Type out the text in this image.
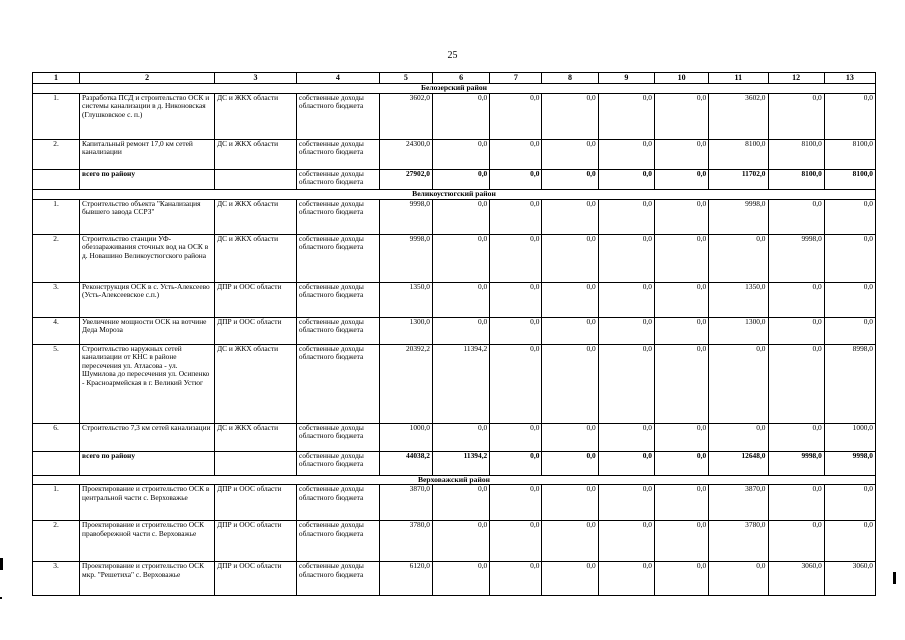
25
1	2	3	4	5	6	7	8	9	10	11	12	13
Белозерский район												
1.	Разработка ПСД и строительство ОСК и системы канализации в д. Никоновская (Глушковское с. п.)	ДС и ЖКХ области	собственные доходы областного бюджета	3602,0	0,0	0,0	0,0	0,0	0,0	3602,0	0,0	0,0
2.	Капитальный ремонт 17,0 км сетей канализации	ДС и ЖКХ области	собственные доходы областного бюджета	24300,0	0,0	0,0	0,0	0,0	0,0	8100,0	8100,0	8100,0
	всего по району		собственные доходы областного бюджета	27902,0	0,0	0,0	0,0	0,0	0,0	11702,0	8100,0	8100,0
Великоустюгский район												
1.	Строительство объекта "Канализация бывшего завода ССРЗ"	ДС и ЖКХ области	собственные доходы областного бюджета	9998,0	0,0	0,0	0,0	0,0	0,0	9998,0	0,0	0,0
2.	Строительство станции УФ-обеззараживания сточных вод на ОСК в д. Новашино Великоустюгского района	ДС и ЖКХ области	собственные доходы областного бюджета	9998,0	0,0	0,0	0,0	0,0	0,0	0,0	9998,0	0,0
3.	Реконструкция ОСК в с. Усть-Алексеево (Усть-Алексеевское с.п.)	ДПР и ООС области	собственные доходы областного бюджета	1350,0	0,0	0,0	0,0	0,0	0,0	1350,0	0,0	0,0
4.	Увеличение мощности ОСК на вотчине Деда Мороза	ДПР и ООС области	собственные доходы областного бюджета	1300,0	0,0	0,0	0,0	0,0	0,0	1300,0	0,0	0,0
5.	Строительство наружных сетей канализации от КНС в районе пересечения ул. Атласова - ул. Шумилова до пересечения ул. Осипенко - Красноармейская в г. Великий Устюг	ДС и ЖКХ области	собственные доходы областного бюджета	20392,2	11394,2	0,0	0,0	0,0	0,0	0,0	0,0	8998,0
6.	Строительство 7,3 км сетей канализации	ДС и ЖКХ области	собственные доходы областного бюджета	1000,0	0,0	0,0	0,0	0,0	0,0	0,0	0,0	1000,0
	всего по району		собственные доходы областного бюджета	44038,2	11394,2	0,0	0,0	0,0	0,0	12648,0	9998,0	9998,0
Верховажский район												
1.	Проектирование и строительство ОСК в центральной части с. Верховажье	ДПР и ООС области	собственные доходы областного бюджета	3870,0	0,0	0,0	0,0	0,0	0,0	3870,0	0,0	0,0
2.	Проектирование и строительство ОСК правобережной части с. Верховажье	ДПР и ООС области	собственные доходы областного бюджета	3780,0	0,0	0,0	0,0	0,0	0,0	3780,0	0,0	0,0
3.	Проектирование и строительство ОСК мкр. "Решетиха" с. Верховажье	ДПР и ООС области	собственные доходы областного бюджета	6120,0	0,0	0,0	0,0	0,0	0,0	0,0	3060,0	3060,0
